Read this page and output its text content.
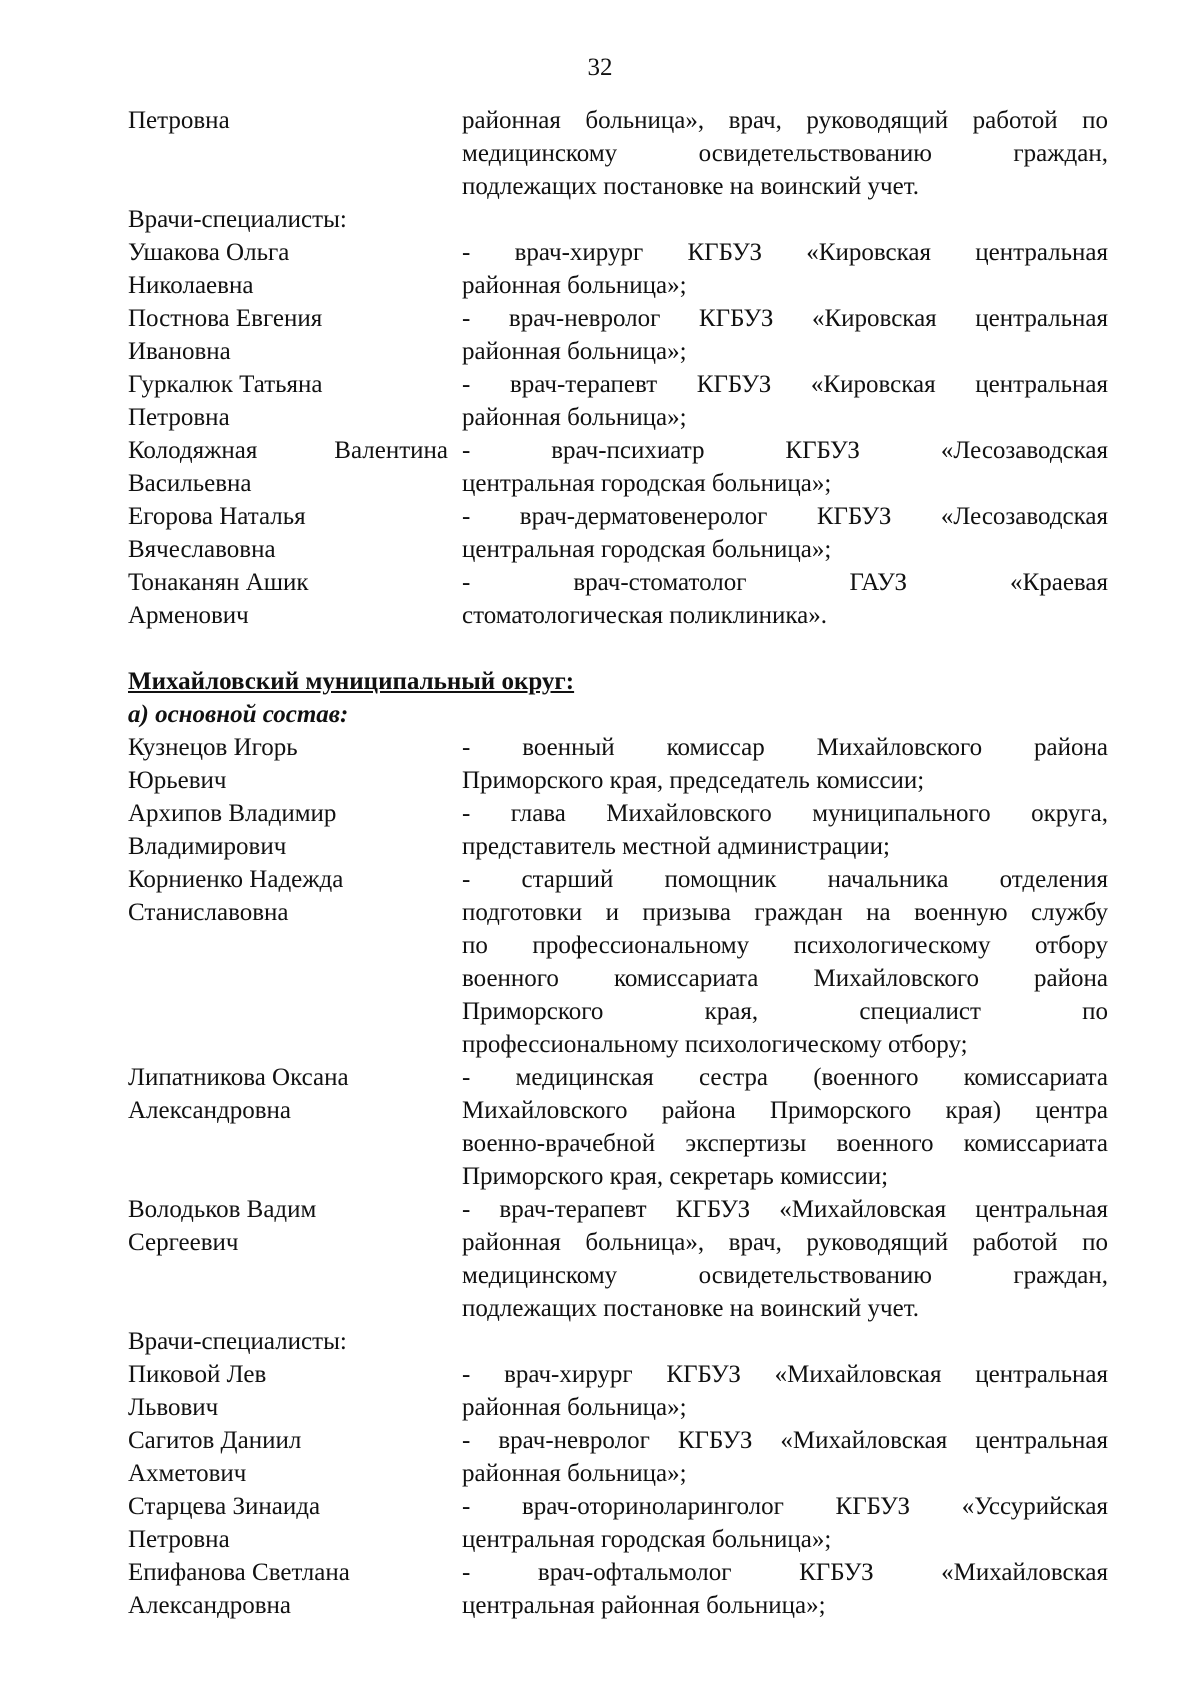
32
Петровна	районная больница», врач, руководящий работой по
медицинскому освидетельствованию граждан,
подлежащих постановке на воинский учет.
Врачи-специалисты:
Ушакова Ольга
Николаевна
- врач-хирург КГБУЗ «Кировская центральная
районная больница»;
Постнова Евгения
Ивановна
- врач-невролог КГБУЗ «Кировская центральная
районная больница»;
Гуркалюк Татьяна
Петровна
- врач-терапевт КГБУЗ «Кировская центральная
районная больница»;
Колодяжная Валентина
Васильевна
- врач-психиатр КГБУЗ «Лесозаводская
центральная городская больница»;
Егорова Наталья
Вячеславовна
- врач-дерматовенеролог КГБУЗ «Лесозаводская
центральная городская больница»;
Тонаканян Ашик
Арменович
- врач-стоматолог ГАУЗ «Краевая
стоматологическая поликлиника».
Михайловский муниципальный округ:
а) основной состав:
Кузнецов Игорь
Юрьевич
- военный комиссар Михайловского района
Приморского края, председатель комиссии;
Архипов Владимир
Владимирович
- глава Михайловского муниципального округа,
представитель местной администрации;
Корниенко Надежда
Станиславовна
- старший помощник начальника отделения
подготовки и призыва граждан на военную службу
по профессиональному психологическому отбору
военного комиссариата Михайловского района
Приморского края, специалист по
профессиональному психологическому отбору;
Липатникова Оксана
Александровна
- медицинская сестра (военного комиссариата
Михайловского района Приморского края) центра
военно-врачебной экспертизы военного комиссариата
Приморского края, секретарь комиссии;
Володьков Вадим
Сергеевич
- врач-терапевт КГБУЗ «Михайловская центральная
районная больница», врач, руководящий работой по
медицинскому освидетельствованию граждан,
подлежащих постановке на воинский учет.
Врачи-специалисты:
Пиковой Лев
Львович
- врач-хирург КГБУЗ «Михайловская центральная
районная больница»;
Сагитов Даниил
Ахметович
- врач-невролог КГБУЗ «Михайловская центральная
районная больница»;
Старцева Зинаида
Петровна
- врач-оториноларинголог КГБУЗ «Уссурийская
центральная городская больница»;
Епифанова Светлана
Александровна
- врач-офтальмолог КГБУЗ «Михайловская
центральная районная больница»;
